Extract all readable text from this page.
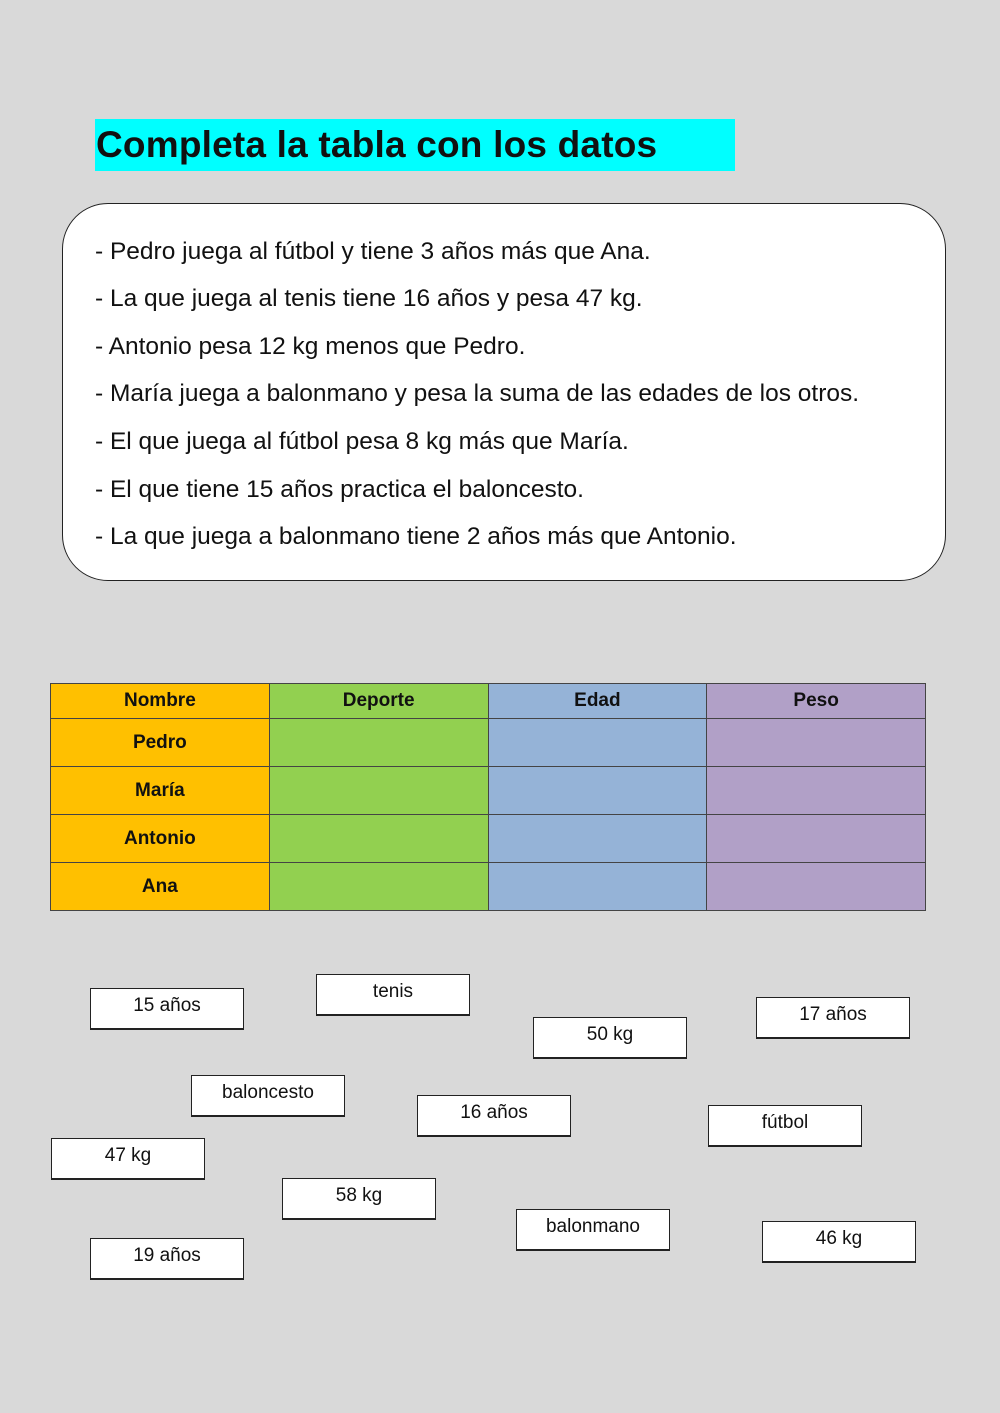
Completa la tabla con los datos
- Pedro juega al fútbol y tiene 3 años más que Ana.
- La que juega al tenis tiene 16 años y pesa 47 kg.
- Antonio pesa 12 kg menos que Pedro.
- María juega a balonmano y pesa la suma de las edades de los otros.
- El que juega al fútbol pesa 8 kg más que María.
- El que tiene 15 años practica el baloncesto.
- La que juega a balonmano tiene 2 años más que Antonio.
Nombre	Deporte	Edad	Peso
Pedro			
María			
Antonio			
Ana			
15 años
tenis
50 kg
17 años
baloncesto
16 años	fútbol
47 kg
58 kg
balonmano
46 kg
19 años
